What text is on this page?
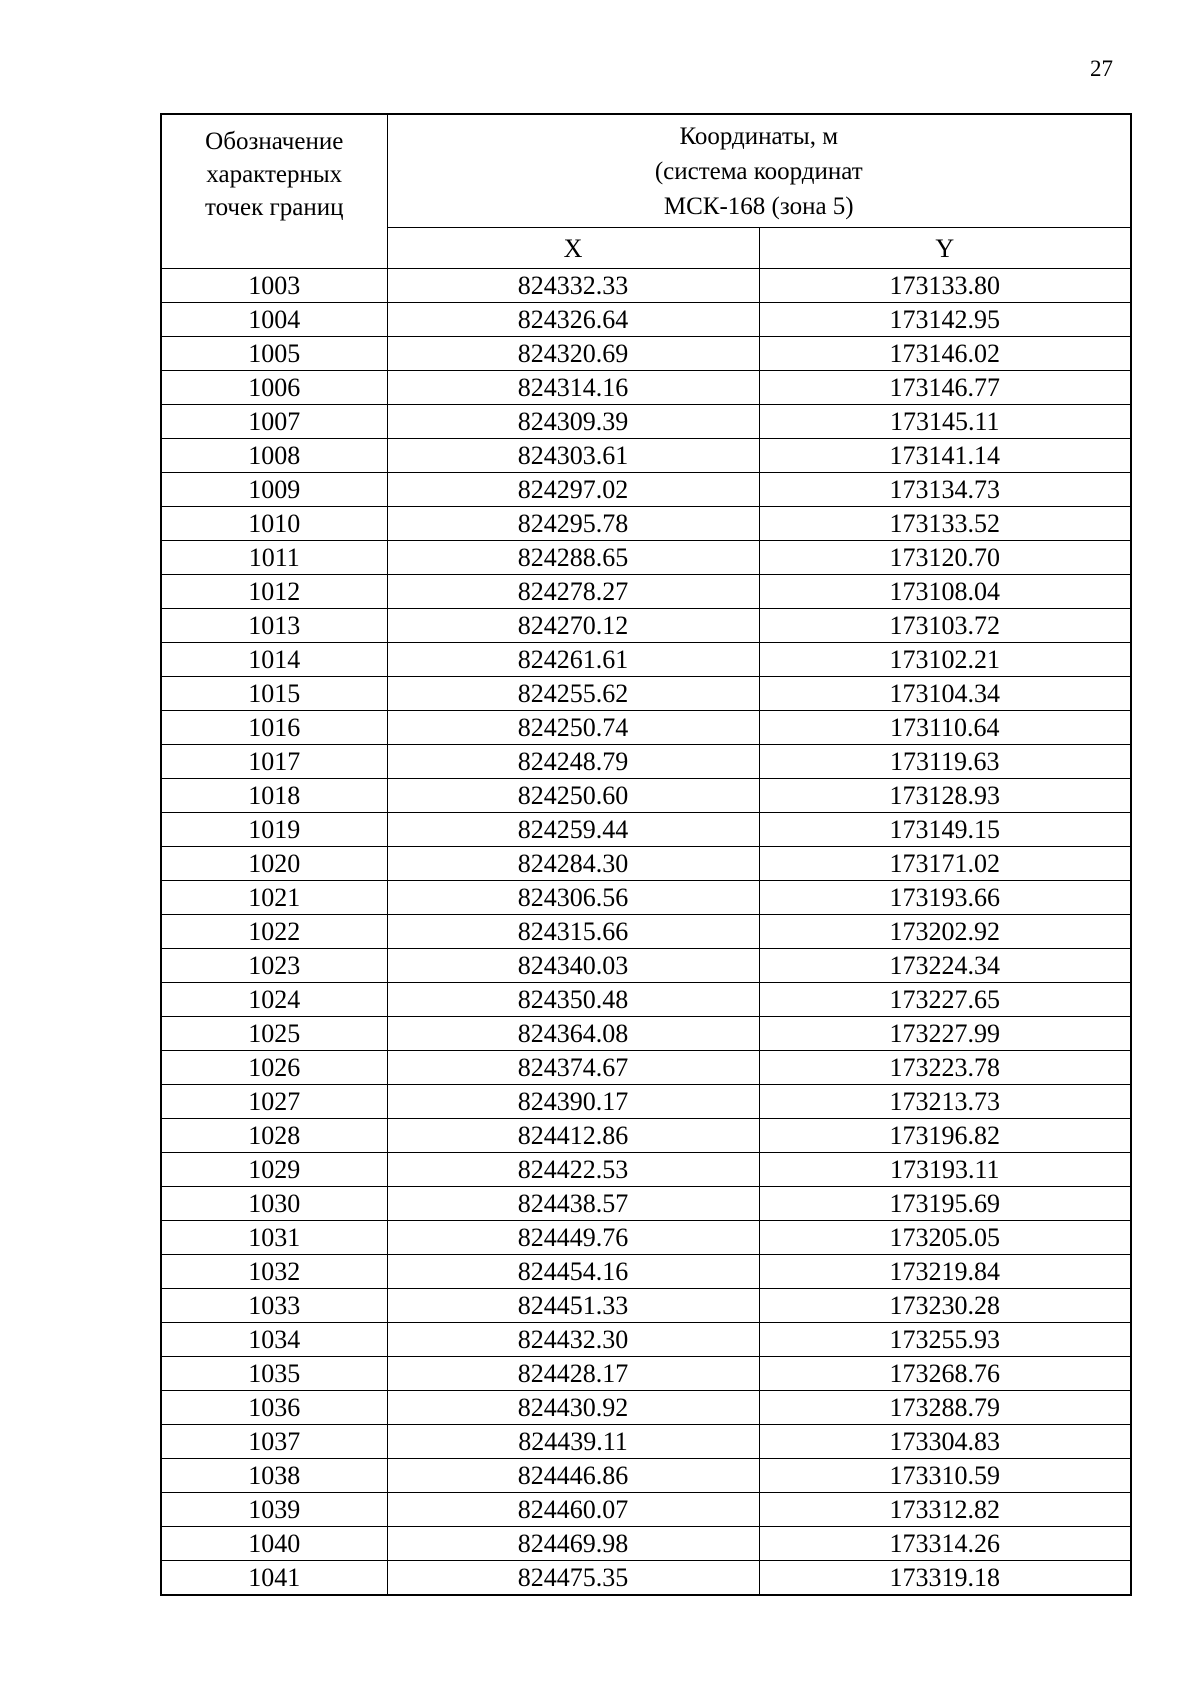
27
Обозначение
характерных
точек границ	Координаты, м
(система координат
МСК-168 (зона 5)	

	X	Y
1003	824332.33	173133.80
1004	824326.64	173142.95
1005	824320.69	173146.02
1006	824314.16	173146.77
1007	824309.39	173145.11
1008	824303.61	173141.14
1009	824297.02	173134.73
1010	824295.78	173133.52
1011	824288.65	173120.70
1012	824278.27	173108.04
1013	824270.12	173103.72
1014	824261.61	173102.21
1015	824255.62	173104.34
1016	824250.74	173110.64
1017	824248.79	173119.63
1018	824250.60	173128.93
1019	824259.44	173149.15
1020	824284.30	173171.02
1021	824306.56	173193.66
1022	824315.66	173202.92
1023	824340.03	173224.34
1024	824350.48	173227.65
1025	824364.08	173227.99
1026	824374.67	173223.78
1027	824390.17	173213.73
1028	824412.86	173196.82
1029	824422.53	173193.11
1030	824438.57	173195.69
1031	824449.76	173205.05
1032	824454.16	173219.84
1033	824451.33	173230.28
1034	824432.30	173255.93
1035	824428.17	173268.76
1036	824430.92	173288.79
1037	824439.11	173304.83
1038	824446.86	173310.59
1039	824460.07	173312.82
1040	824469.98	173314.26
1041	824475.35	173319.18
